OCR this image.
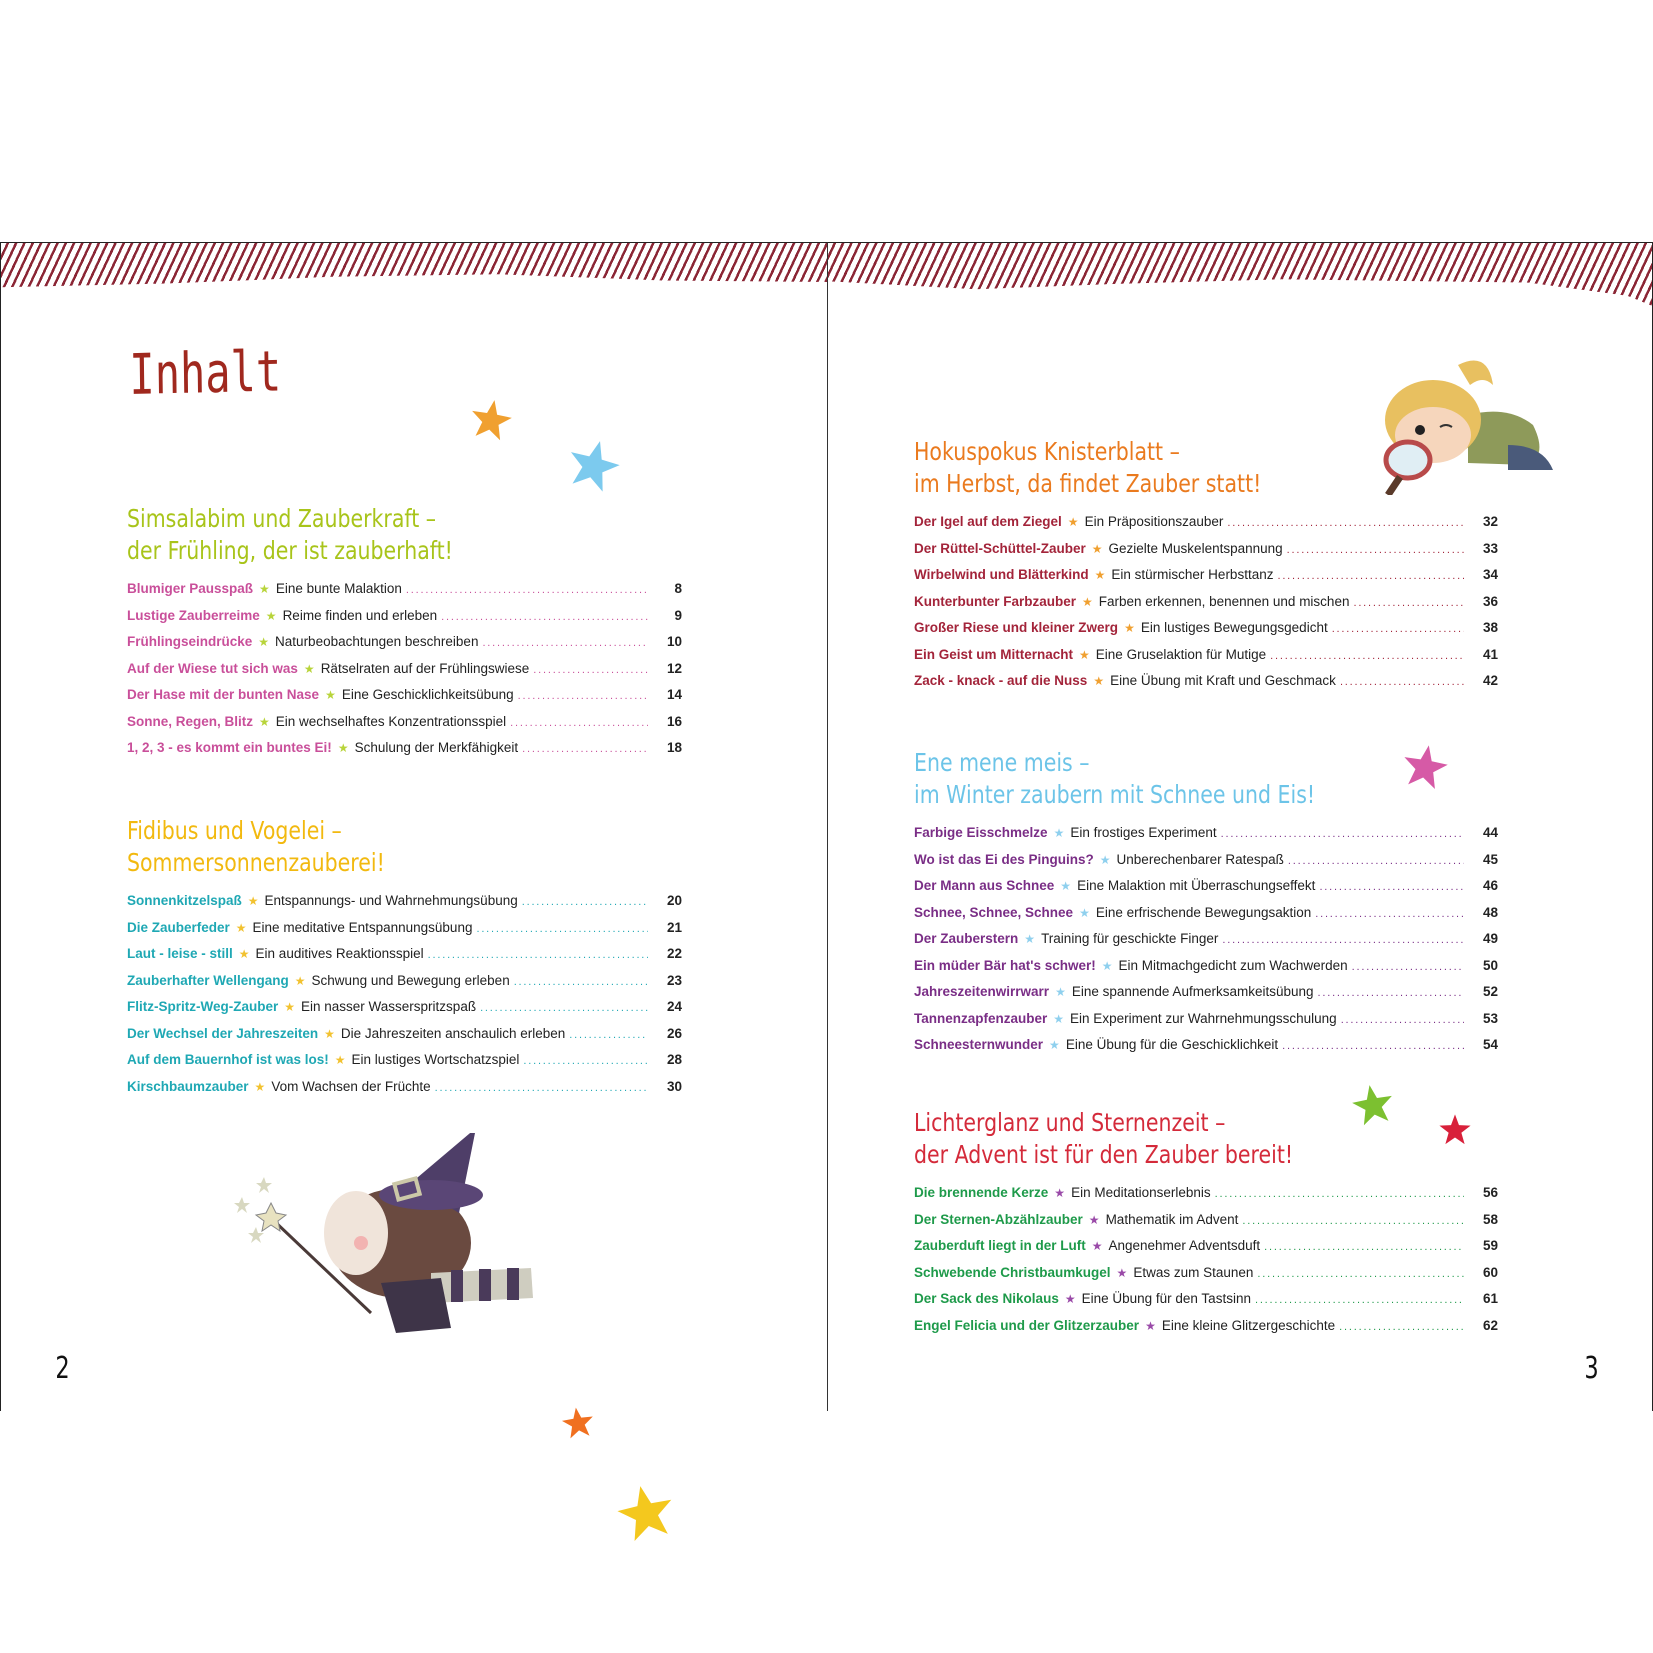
Inhalt
Simsalabim und Zauberkraft –
der Frühling, der ist zauberhaft!
Blumiger Pausspaß ★ Eine bunte Malaktion .....	8
Lustige Zauberreime ★ Reime finden und erleben .....	9
Frühlingseindrücke ★ Naturbeobachtungen beschreiben .....	10
Auf der Wiese tut sich was ★ Rätselraten auf der Frühlingswiese .....	12
Der Hase mit der bunten Nase ★ Eine Geschicklichkeitsübung .....	14
Sonne, Regen, Blitz ★ Ein wechselhaftes Konzentrationsspiel .....	16
1, 2, 3 - es kommt ein buntes Ei! ★ Schulung der Merkfähigkeit .....	18
Fidibus und Vogelei –
Sommersonnenzauberei!
Sonnenkitzelspaß ★ Entspannungs- und Wahrnehmungsübung .....	20
Die Zauberfeder ★ Eine meditative Entspannungsübung .....	21
Laut - leise - still ★ Ein auditives Reaktionsspiel .....	22
Zauberhafter Wellengang ★ Schwung und Bewegung erleben .....	23
Flitz-Spritz-Weg-Zauber ★ Ein nasser Wasserspritzspaß .....	24
Der Wechsel der Jahreszeiten ★ Die Jahreszeiten anschaulich erleben .....	26
Auf dem Bauernhof ist was los! ★ Ein lustiges Wortschatzspiel .....	28
Kirschbaumzauber ★ Vom Wachsen der Früchte .....	30
2
Hokuspokus Knisterblatt –
im Herbst, da findet Zauber statt!
Der Igel auf dem Ziegel ★ Ein Präpositionszauber .....	32
Der Rüttel-Schüttel-Zauber ★ Gezielte Muskelentspannung .....	33
Wirbelwind und Blätterkind ★ Ein stürmischer Herbsttanz .....	34
Kunterbunter Farbzauber ★ Farben erkennen, benennen und mischen .....	36
Großer Riese und kleiner Zwerg ★ Ein lustiges Bewegungsgedicht .....	38
Ein Geist um Mitternacht ★ Eine Gruselaktion für Mutige .....	41
Zack - knack - auf die Nuss ★ Eine Übung mit Kraft und Geschmack .....	42
Ene mene meis –
im Winter zaubern mit Schnee und Eis!
Farbige Eisschmelze ★ Ein frostiges Experiment .....	44
Wo ist das Ei des Pinguins? ★ Unberechenbarer Ratespaß .....	45
Der Mann aus Schnee ★ Eine Malaktion mit Überraschungseffekt .....	46
Schnee, Schnee, Schnee ★ Eine erfrischende Bewegungsaktion .....	48
Der Zauberstern ★ Training für geschickte Finger .....	49
Ein müder Bär hat's schwer! ★ Ein Mitmachgedicht zum Wachwerden .....	50
Jahreszeitenwirrwarr ★ Eine spannende Aufmerksamkeitsübung .....	52
Tannenzapfenzauber ★ Ein Experiment zur Wahrnehmungsschulung .....	53
Schneesternwunder ★ Eine Übung für die Geschicklichkeit .....	54
Lichterglanz und Sternenzeit –
der Advent ist für den Zauber bereit!
Die brennende Kerze ★ Ein Meditationserlebnis .....	56
Der Sternen-Abzählzauber ★ Mathematik im Advent .....	58
Zauberduft liegt in der Luft ★ Angenehmer Adventsduft .....	59
Schwebende Christbaumkugel ★ Etwas zum Staunen .....	60
Der Sack des Nikolaus ★ Eine Übung für den Tastsinn .....	61
Engel Felicia und der Glitzerzauber ★ Eine kleine Glitzergeschichte .....	62
3
